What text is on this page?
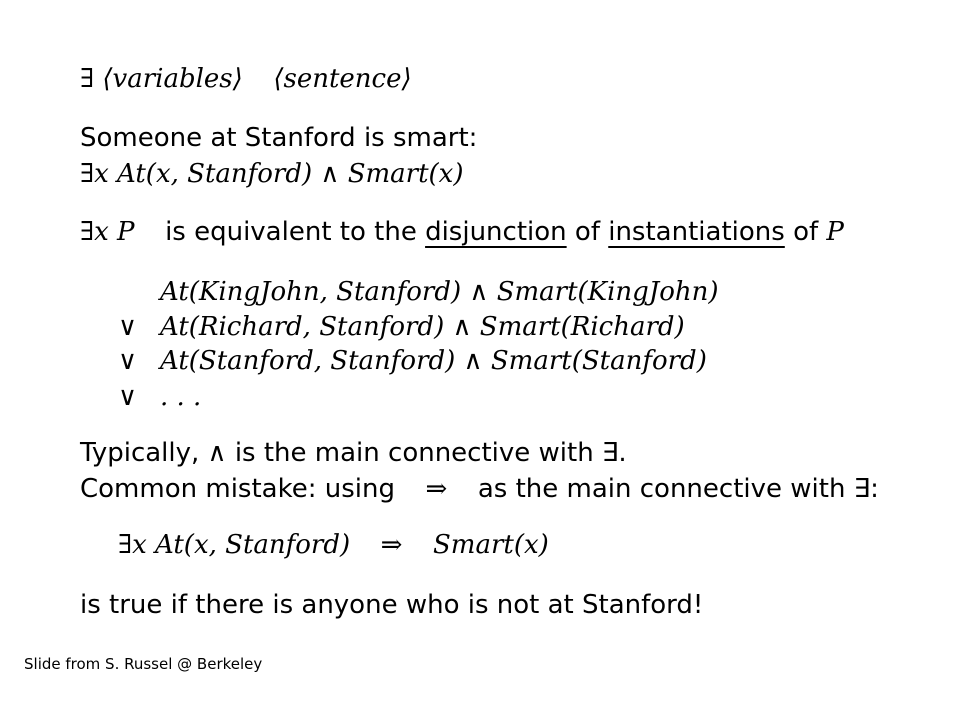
∃ ⟨variables⟩ ⟨sentence⟩
Someone at Stanford is smart:
∃x At(x, Stanford) ∧ Smart(x)
∃x P is equivalent to the disjunction of instantiations of P
At(KingJohn, Stanford) ∧ Smart(KingJohn)
∨ At(Richard, Stanford) ∧ Smart(Richard)
∨ At(Stanford, Stanford) ∧ Smart(Stanford)
∨ . . .
Typically, ∧ is the main connective with ∃.
Common mistake: using ⇒ as the main connective with ∃:
∃x At(x, Stanford) ⇒ Smart(x)
is true if there is anyone who is not at Stanford!
Slide from S. Russel @ Berkeley
